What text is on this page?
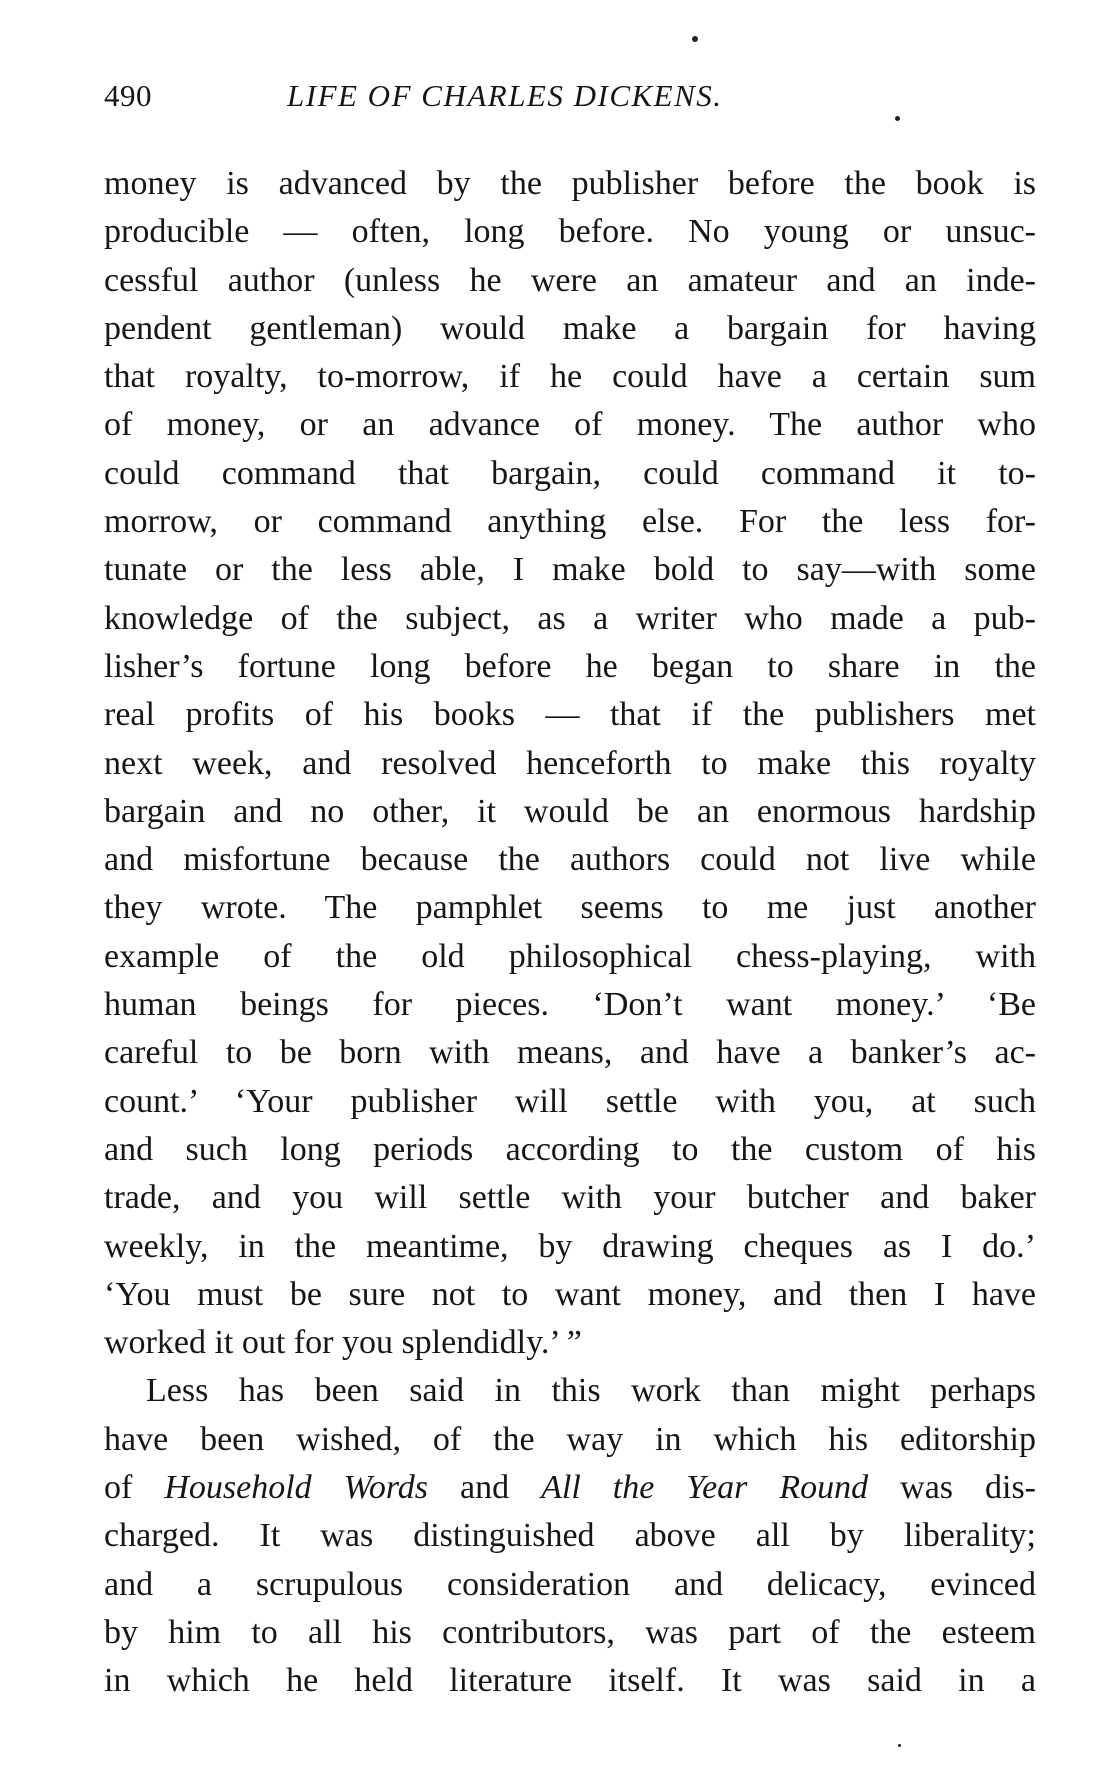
490	LIFE OF CHARLES DICKENS.

money is advanced by the publisher before the book is
producible — often, long before. No young or unsuc-
cessful author (unless he were an amateur and an inde-
pendent gentleman) would make a bargain for having
that royalty, to-morrow, if he could have a certain sum
of money, or an advance of money. The author who
could command that bargain, could command it to-
morrow, or command anything else. For the less for-
tunate or the less able, I make bold to say—with some
knowledge of the subject, as a writer who made a pub-
lisher’s fortune long before he began to share in the
real profits of his books — that if the publishers met
next week, and resolved henceforth to make this royalty
bargain and no other, it would be an enormous hardship
and misfortune because the authors could not live while
they wrote. The pamphlet seems to me just another
example of the old philosophical chess-playing, with
human beings for pieces. ‘Don’t want money.’ ‘Be
careful to be born with means, and have a banker’s ac-
count.’ ‘Your publisher will settle with you, at such
and such long periods according to the custom of his
trade, and you will settle with your butcher and baker
weekly, in the meantime, by drawing cheques as I do.’
‘You must be sure not to want money, and then I have
worked it out for you splendidly.’ ”

Less has been said in this work than might perhaps
have been wished, of the way in which his editorship
of Household Words and All the Year Round was dis-
charged. It was distinguished above all by liberality;
and a scrupulous consideration and delicacy, evinced
by him to all his contributors, was part of the esteem
in which he held literature itself. It was said in a
